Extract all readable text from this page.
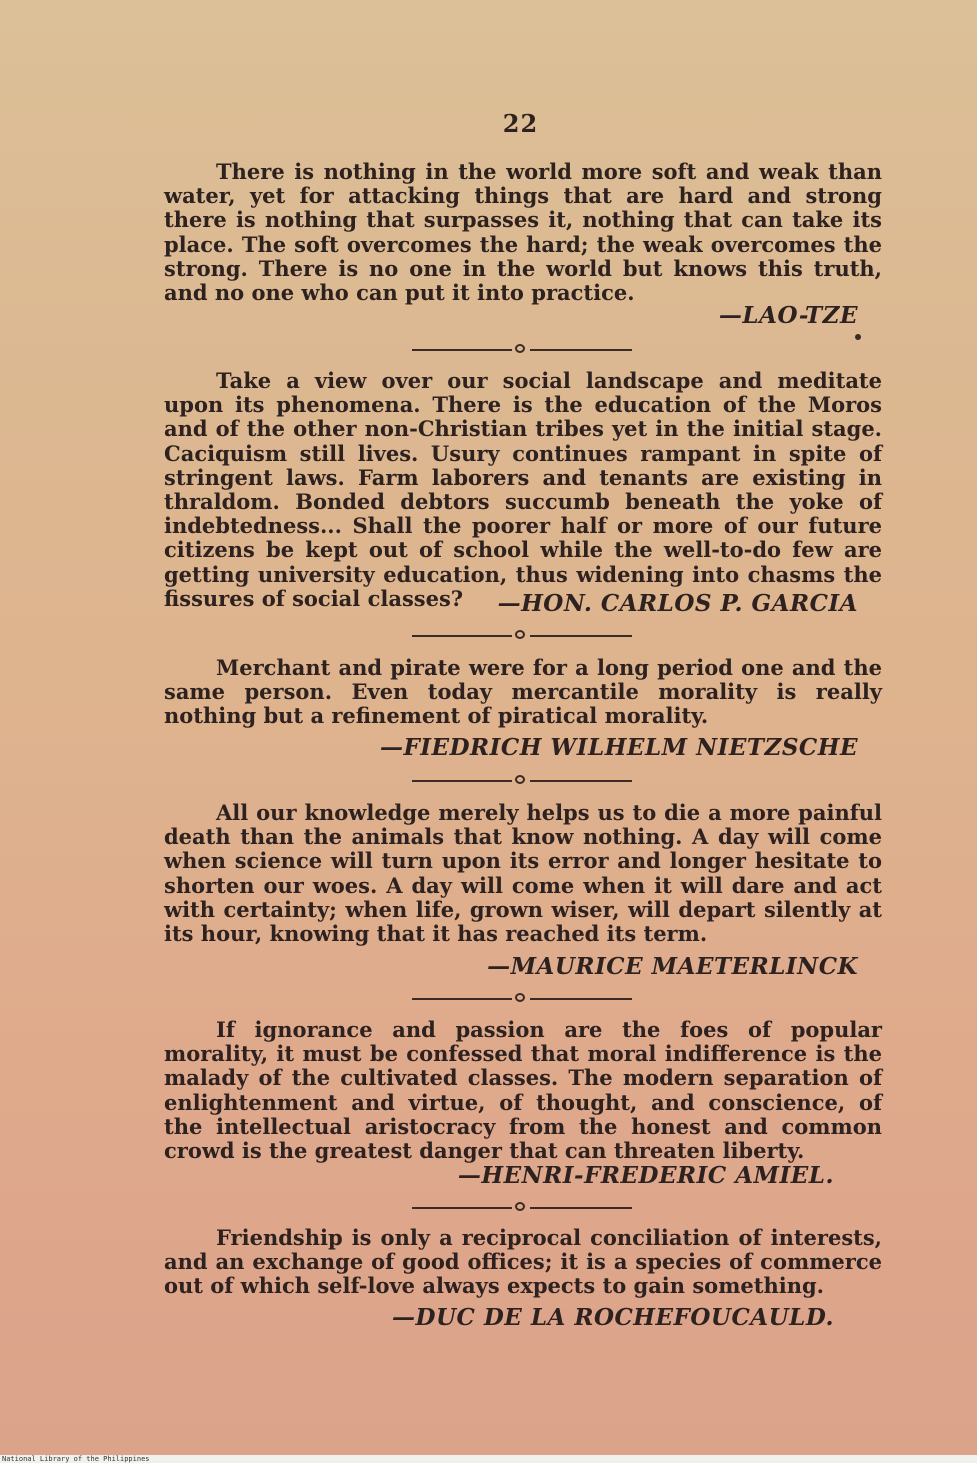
22

There is nothing in the world more soft and weak than water, yet for attacking things that are hard and strong there is nothing that surpasses it, nothing that can take its place. The soft overcomes the hard; the weak overcomes the strong. There is no one in the world but knows this truth, and no one who can put it into practice.

—LAO-TZE

Take a view over our social landscape and meditate upon its phenomena. There is the education of the Moros and of the other non-Christian tribes yet in the initial stage. Caciquism still lives. Usury continues rampant in spite of stringent laws. Farm laborers and tenants are existing in thraldom. Bonded debtors succumb beneath the yoke of indebtedness... Shall the poorer half or more of our future citizens be kept out of school while the well-to-do few are getting university education, thus widening into chasms the fissures of social classes?	—HON. CARLOS P. GARCIA

Merchant and pirate were for a long period one and the same person. Even today mercantile morality is really nothing but a refinement of piratical morality.

—FIEDRICH WILHELM NIETZSCHE

All our knowledge merely helps us to die a more painful death than the animals that know nothing. A day will come when science will turn upon its error and longer hesitate to shorten our woes. A day will come when it will dare and act with certainty; when life, grown wiser, will depart silently at its hour, knowing that it has reached its term.

—MAURICE MAETERLINCK

If ignorance and passion are the foes of popular morality, it must be confessed that moral indifference is the malady of the cultivated classes. The modern separation of enlightenment and virtue, of thought, and conscience, of the intellectual aristocracy from the honest and common crowd is the greatest danger that can threaten liberty.

—HENRI-FREDERIC AMIEL.

Friendship is only a reciprocal conciliation of interests, and an exchange of good offices; it is a species of commerce out of which self-love always expects to gain something.

—DUC DE LA ROCHEFOUCAULD.
National Library of the Philippines
